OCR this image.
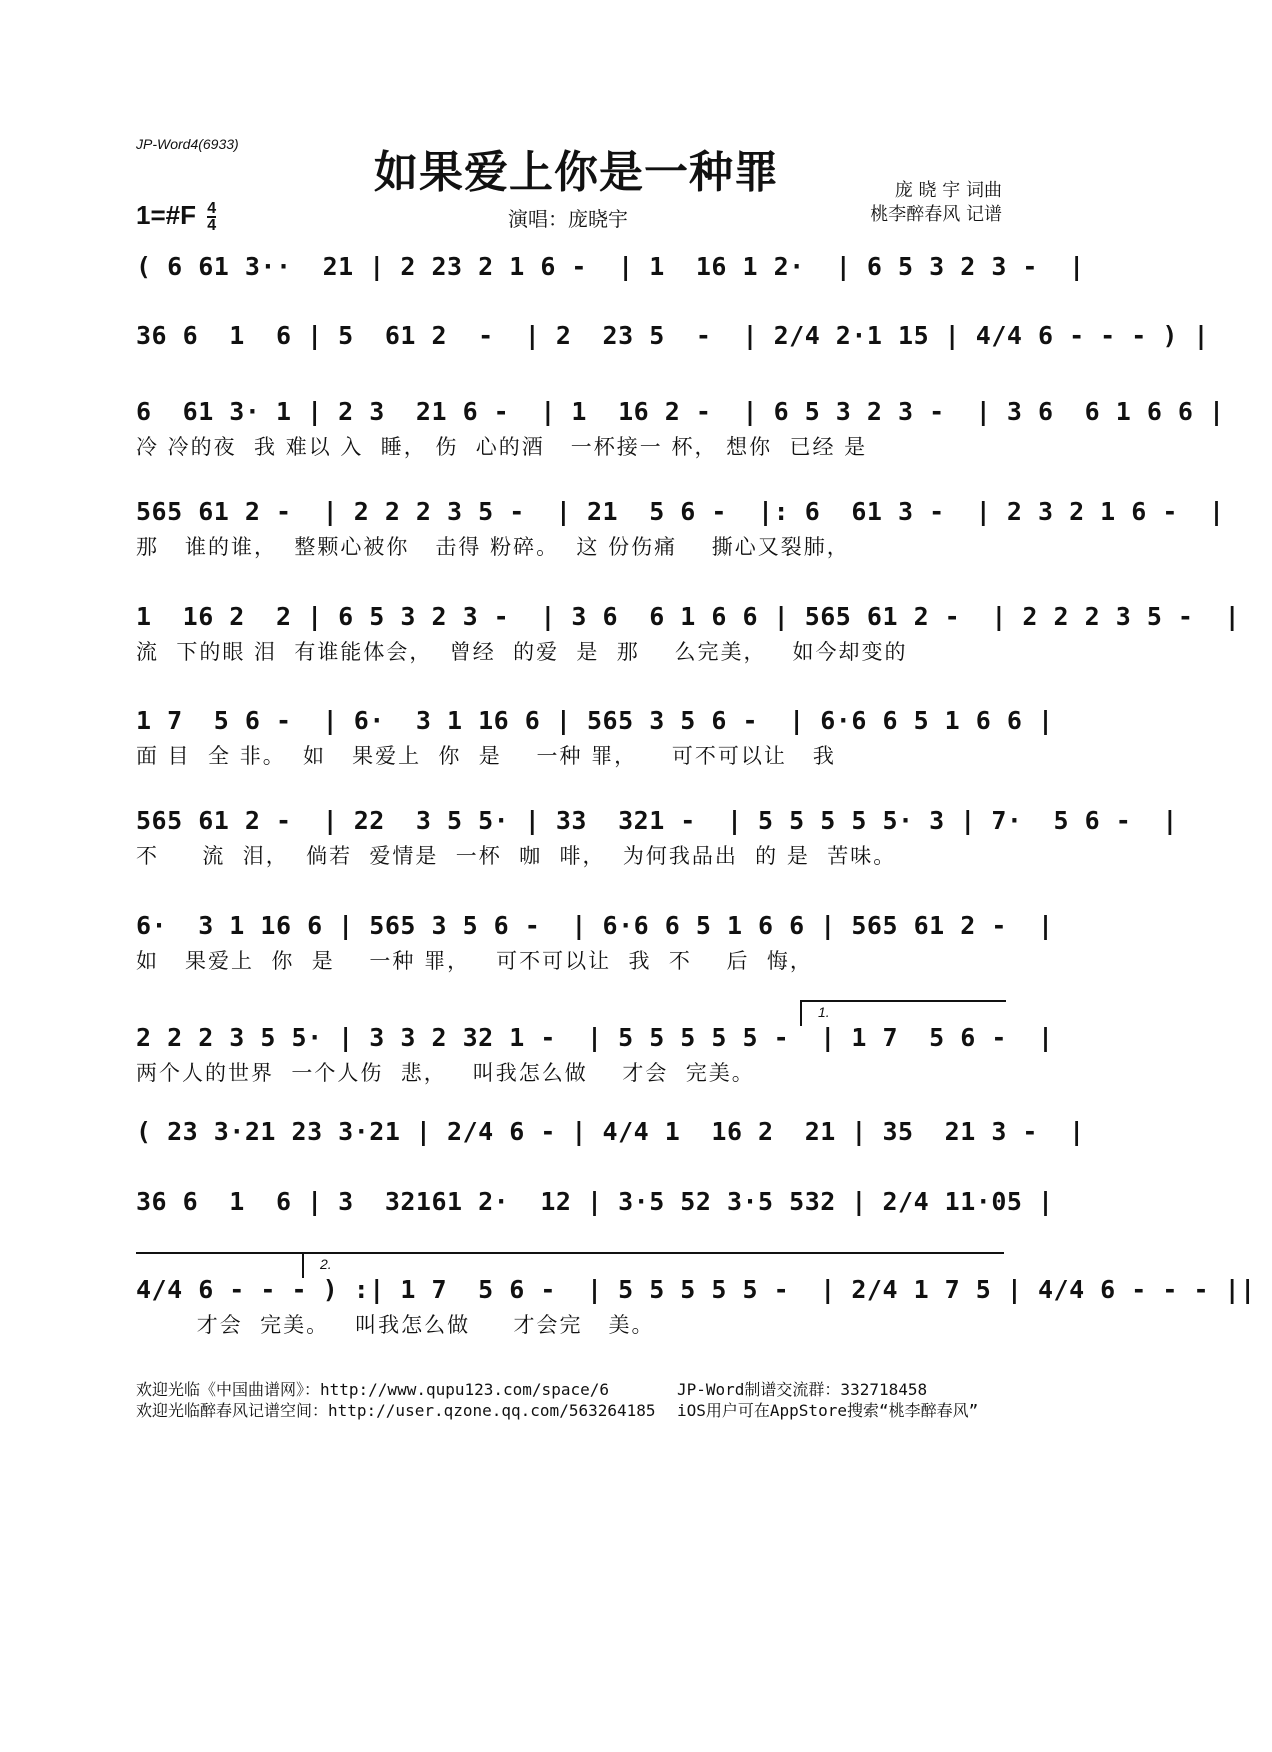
JP-Word4(6933)
如果爱上你是一种罪	庞 晓 宇 词曲
桃李醉春风 记谱
1=#F $\frac{4}{4}$	演唱：庞晓宇
( 6 61 3··  21 | 2 23 2 1 6 -  | 1  16 1 2·  | 6 5 3 2 3 -  |
36 6  1  6 | 5  61 2  -  | 2  23 5  -  | 2/4 2·1 15 | 4/4 6 - - - ) |
6  61 3· 1 | 2 3  21 6 -  | 1  16 2 -  | 6 5 3 2 3 -  | 3 6  6 1 6 6 |
冷 冷的夜  我 难以 入  睡， 伤  心的酒   一杯接一 杯， 想你  已经 是
565 61 2 -  | 2 2 2 3 5 -  | 21  5 6 -  |: 6  61 3 -  | 2 3 2 1 6 -  |
那   谁的谁，  整颗心被你   击得 粉碎。  这 份伤痛    撕心又裂肺，
1  16 2  2 | 6 5 3 2 3 -  | 3 6  6 1 6 6 | 565 61 2 -  | 2 2 2 3 5 -  |
流  下的眼 泪  有谁能体会，  曾经  的爱  是  那    么完美，   如今却变的
1 7  5 6 -  | 6·  3 1 16 6 | 565 3 5 6 -  | 6·6 6 5 1 6 6 |
面 目  全 非。  如   果爱上  你  是    一种 罪，    可不可以让   我
565 61 2 -  | 22  3 5 5· | 33  321 -  | 5 5 5 5 5· 3 | 7·  5 6 -  |
不     流  泪，  倘若  爱情是  一杯  咖  啡，  为何我品出  的 是  苦味。
6·  3 1 16 6 | 565 3 5 6 -  | 6·6 6 5 1 6 6 | 565 61 2 -  |
如   果爱上  你  是    一种 罪，   可不可以让  我  不    后  悔，
1.
2 2 2 3 5 5· | 3 3 2 32 1 -  | 5 5 5 5 5 -  | 1 7  5 6 -  |
两个人的世界  一个人伤  悲，   叫我怎么做    才会  完美。
( 23 3·21 23 3·21 | 2/4 6 - | 4/4 1  16 2  21 | 35  21 3 -  |
36 6  1  6 | 3  32161 2·  12 | 3·5 52 3·5 532 | 2/4 11·05 |
2.
4/4 6 - - - ) :| 1 7  5 6 -  | 5 5 5 5 5 -  | 2/4 1 7 5 | 4/4 6 - - - ||
才会  完美。   叫我怎么做     才会完   美。
欢迎光临《中国曲谱网》：http://www.qupu123.com/space/6
欢迎光临醉春风记谱空间：http://user.qzone.qq.com/563264185
JP-Word制谱交流群：332718458
iOS用户可在AppStore搜索“桃李醉春风”
